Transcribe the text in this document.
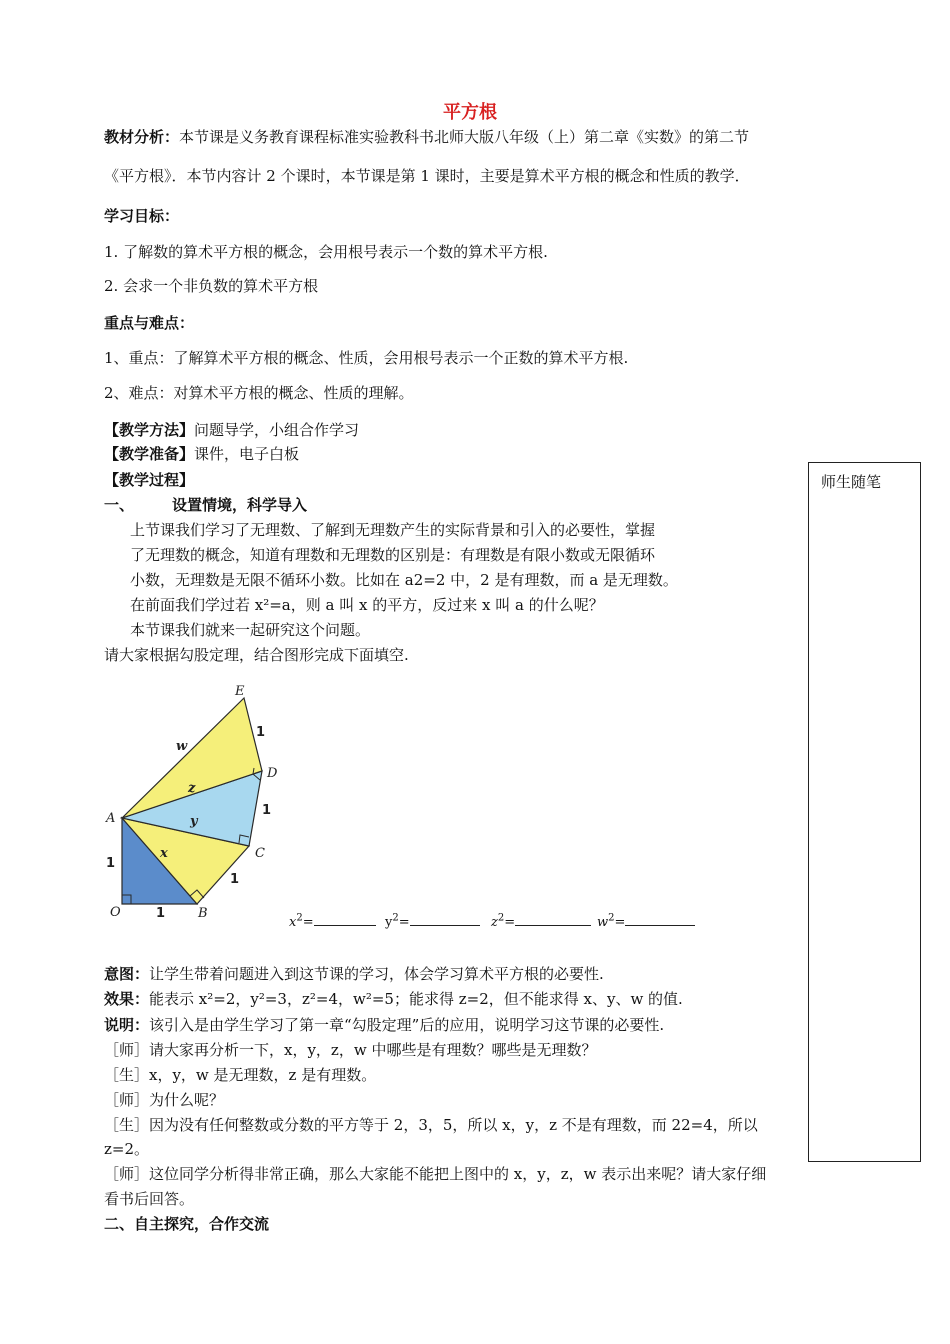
平方根
教材分析：本节课是义务教育课程标准实验教科书北师大版八年级（上）第二章《实数》的第二节
《平方根》．本节内容计 2 个课时，本节课是第 1 课时，主要是算术平方根的概念和性质的教学．
学习目标：
1. 了解数的算术平方根的概念，会用根号表示一个数的算术平方根.
2. 会求一个非负数的算术平方根
重点与难点：
1、重点：了解算术平方根的概念、性质，会用根号表示一个正数的算术平方根.
2、难点：对算术平方根的概念、性质的理解。
【教学方法】问题导学，小组合作学习
【教学准备】课件，电子白板
【教学过程】	师生随笔
一、	设置情境，科学导入
上节课我们学习了无理数、了解到无理数产生的实际背景和引入的必要性，掌握
了无理数的概念，知道有理数和无理数的区别是：有理数是有限小数或无限循环
小数，无理数是无限不循环小数。比如在 a2=2 中，2 是有理数，而 a 是无理数。
在前面我们学过若 x²=a，则 a 叫 x 的平方，反过来 x 叫 a 的什么呢？
本节课我们就来一起研究这个问题。
请大家根据勾股定理，结合图形完成下面填空.
A
O	B
C
D
E
x
y
z
w
1
1
1
1
1
$x^2=$	$y^2=$	$z^2=$	$w^2=$
意图：让学生带着问题进入到这节课的学习，体会学习算术平方根的必要性.
效果：能表示 x²=2，y²=3，z²=4，w²=5；能求得 z=2，但不能求得 x、y、w 的值.
说明：该引入是由学生学习了第一章“勾股定理”后的应用，说明学习这节课的必要性.
［师］请大家再分析一下，x，y，z，w 中哪些是有理数？哪些是无理数？
［生］x，y，w 是无理数，z 是有理数。
［师］为什么呢？
［生］因为没有任何整数或分数的平方等于 2，3，5，所以 x，y，z 不是有理数，而 22=4，所以
z=2。
［师］这位同学分析得非常正确，那么大家能不能把上图中的 x，y，z，w 表示出来呢？请大家仔细
看书后回答。
二、自主探究，合作交流
